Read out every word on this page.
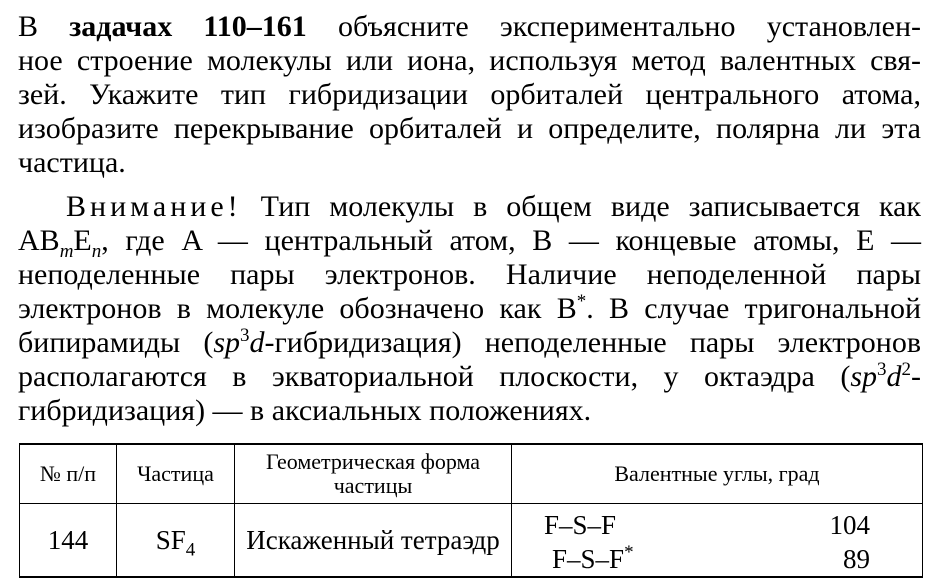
В задачах 110–161 объясните экспериментально установлен-
ное строение молекулы или иона, используя метод валентных свя-
зей. Укажите тип гибридизации орбиталей центрального атома,
изобразите перекрывание орбиталей и определите, полярна ли эта
частица.
Внимание! Тип молекулы в общем виде записывается как
$AB_mE_n$, где A — центральный атом, B — концевые атомы, E —
неподеленные пары электронов. Наличие неподеленной пары
электронов в молекуле обозначено как B*. В случае тригональной
бипирамиды $(sp^3d-гибридизация)$ неподеленные пары электронов
располагаются в экваториальной плоскости, у октаэдра ($sp^3d^2-$
гибридизация) — в аксиальных положениях.
№ п/п	Частица	Геометрическая форма частицы	Валентные углы, град
144	$SF_4$	Искаженный тетраэдр	F–S–F 104
F–S–F* 89
